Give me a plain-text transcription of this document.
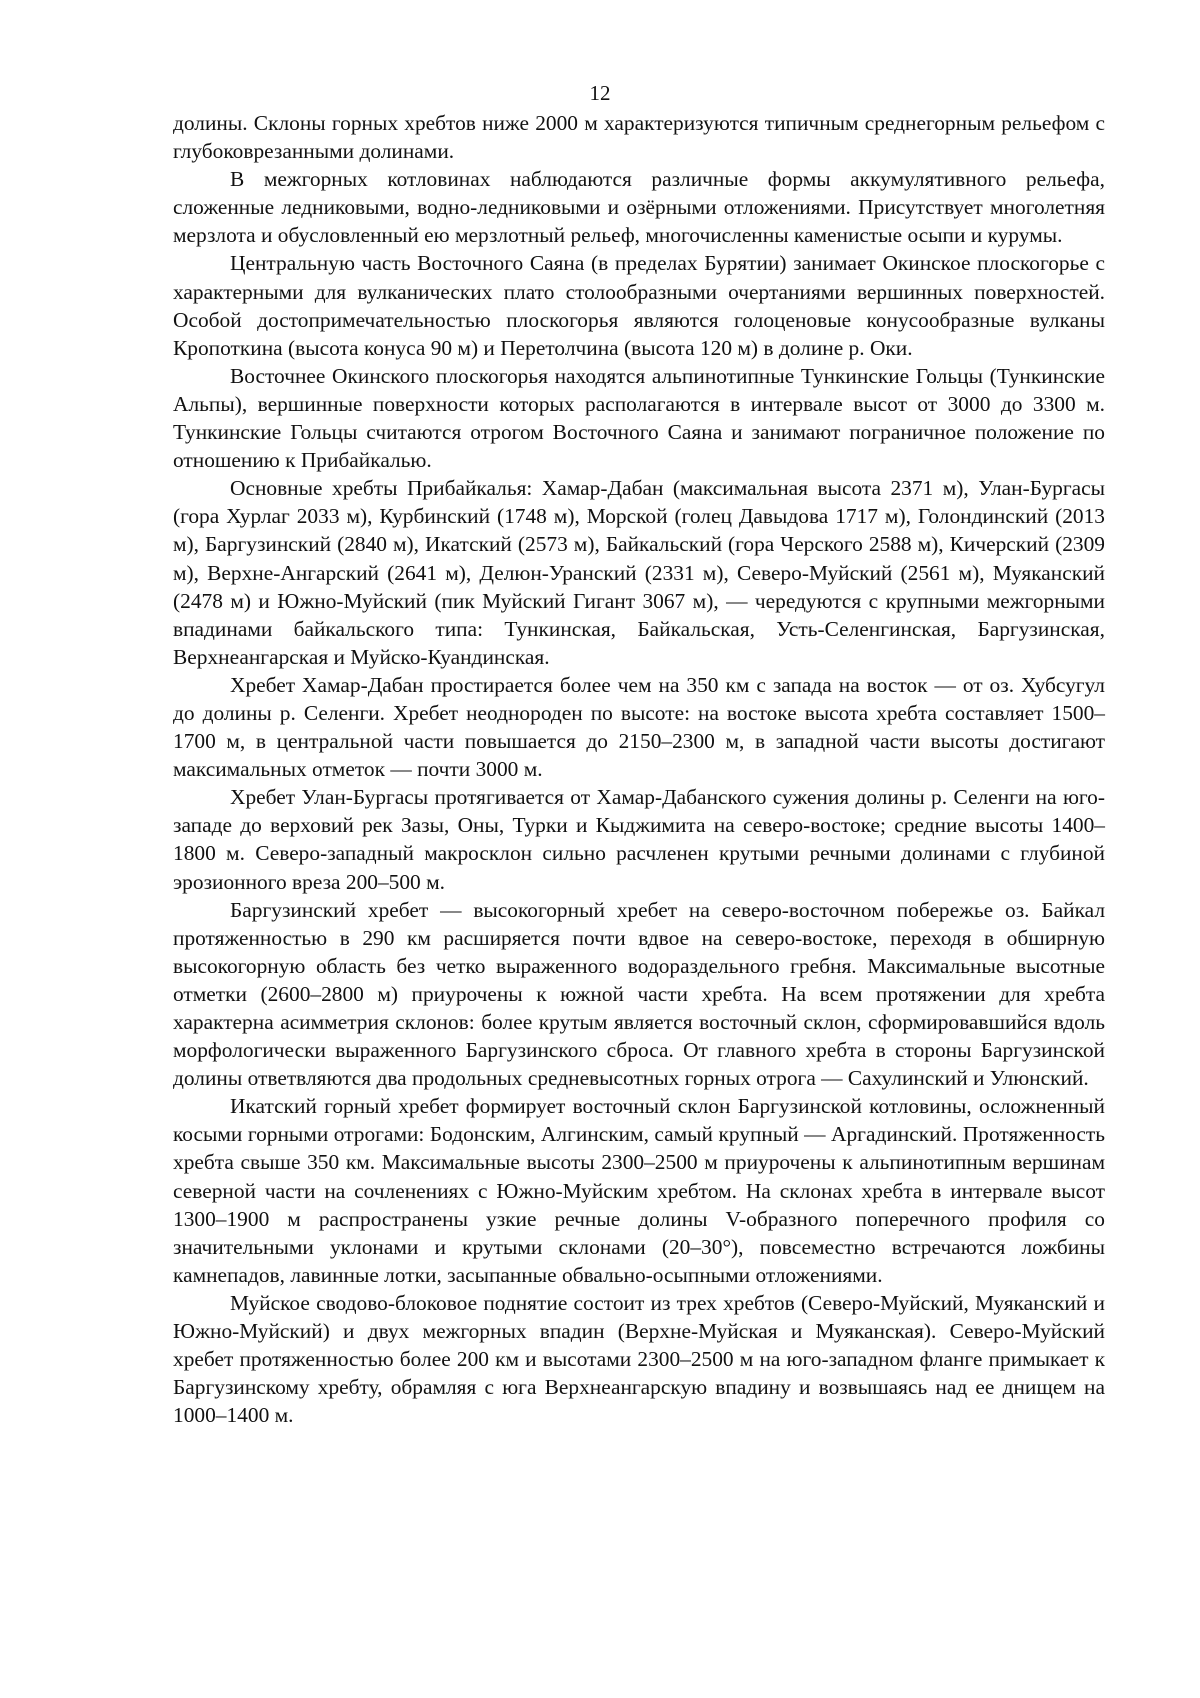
12

долины. Склоны горных хребтов ниже 2000 м характеризуются типичным среднегорным рельефом с глубоковрезанными долинами.

В межгорных котловинах наблюдаются различные формы аккумулятивного рельефа, сложенные ледниковыми, водно-ледниковыми и озёрными отложениями. Присутствует многолетняя мерзлота и обусловленный ею мерзлотный рельеф, многочисленны каменистые осыпи и курумы.

Центральную часть Восточного Саяна (в пределах Бурятии) занимает Окинское плоскогорье с характерными для вулканических плато столообразными очертаниями вершинных поверхностей. Особой достопримечательностью плоскогорья являются голоценовые конусообразные вулканы Кропоткина (высота конуса 90 м) и Перетолчина (высота 120 м) в долине р. Оки.

Восточнее Окинского плоскогорья находятся альпинотипные Тункинские Гольцы (Тункинские Альпы), вершинные поверхности которых располагаются в интервале высот от 3000 до 3300 м. Тункинские Гольцы считаются отрогом Восточного Саяна и занимают пограничное положение по отношению к Прибайкалью.

Основные хребты Прибайкалья: Хамар-Дабан (максимальная высота 2371 м), Улан-Бургасы (гора Хурлаг 2033 м), Курбинский (1748 м), Морской (голец Давыдова 1717 м), Голондинский (2013 м), Баргузинский (2840 м), Икатский (2573 м), Байкальский (гора Черского 2588 м), Кичерский (2309 м), Верхне-Ангарский (2641 м), Делюн-Уранский (2331 м), Северо-Муйский (2561 м), Муяканский (2478 м) и Южно-Муйский (пик Муйский Гигант 3067 м), — чередуются с крупными межгорными впадинами байкальского типа: Тункинская, Байкальская, Усть-Селенгинская, Баргузинская, Верхнеангарская и Муйско-Куандинская.

Хребет Хамар-Дабан простирается более чем на 350 км с запада на восток — от оз. Хубсугул до долины р. Селенги. Хребет неоднороден по высоте: на востоке высота хребта составляет 1500–1700 м, в центральной части повышается до 2150–2300 м, в западной части высоты достигают максимальных отметок — почти 3000 м.

Хребет Улан-Бургасы протягивается от Хамар-Дабанского сужения долины р. Селенги на юго-западе до верховий рек Зазы, Оны, Турки и Кыджимита на северо-востоке; средние высоты 1400–1800 м. Северо-западный макросклон сильно расчленен крутыми речными долинами с глубиной эрозионного вреза 200–500 м.

Баргузинский хребет — высокогорный хребет на северо-восточном побережье оз. Байкал протяженностью в 290 км расширяется почти вдвое на северо-востоке, переходя в обширную высокогорную область без четко выраженного водораздельного гребня. Максимальные высотные отметки (2600–2800 м) приурочены к южной части хребта. На всем протяжении для хребта характерна асимметрия склонов: более крутым является восточный склон, сформировавшийся вдоль морфологически выраженного Баргузинского сброса. От главного хребта в стороны Баргузинской долины ответвляются два продольных средневысотных горных отрога — Сахулинский и Улюнский.

Икатский горный хребет формирует восточный склон Баргузинской котловины, осложненный косыми горными отрогами: Бодонским, Алгинским, самый крупный — Аргадинский. Протяженность хребта свыше 350 км. Максимальные высоты 2300–2500 м приурочены к альпинотипным вершинам северной части на сочленениях с Южно-Муйским хребтом. На склонах хребта в интервале высот 1300–1900 м распространены узкие речные долины V-образного поперечного профиля со значительными уклонами и крутыми склонами (20–30°), повсеместно встречаются ложбины камнепадов, лавинные лотки, засыпанные обвально-осыпными отложениями.

Муйское сводово-блоковое поднятие состоит из трех хребтов (Северо-Муйский, Муяканский и Южно-Муйский) и двух межгорных впадин (Верхне-Муйская и Муяканская). Северо-Муйский хребет протяженностью более 200 км и высотами 2300–2500 м на юго-западном фланге примыкает к Баргузинскому хребту, обрамляя с юга Верхнеангарскую впадину и возвышаясь над ее днищем на 1000–1400 м.
